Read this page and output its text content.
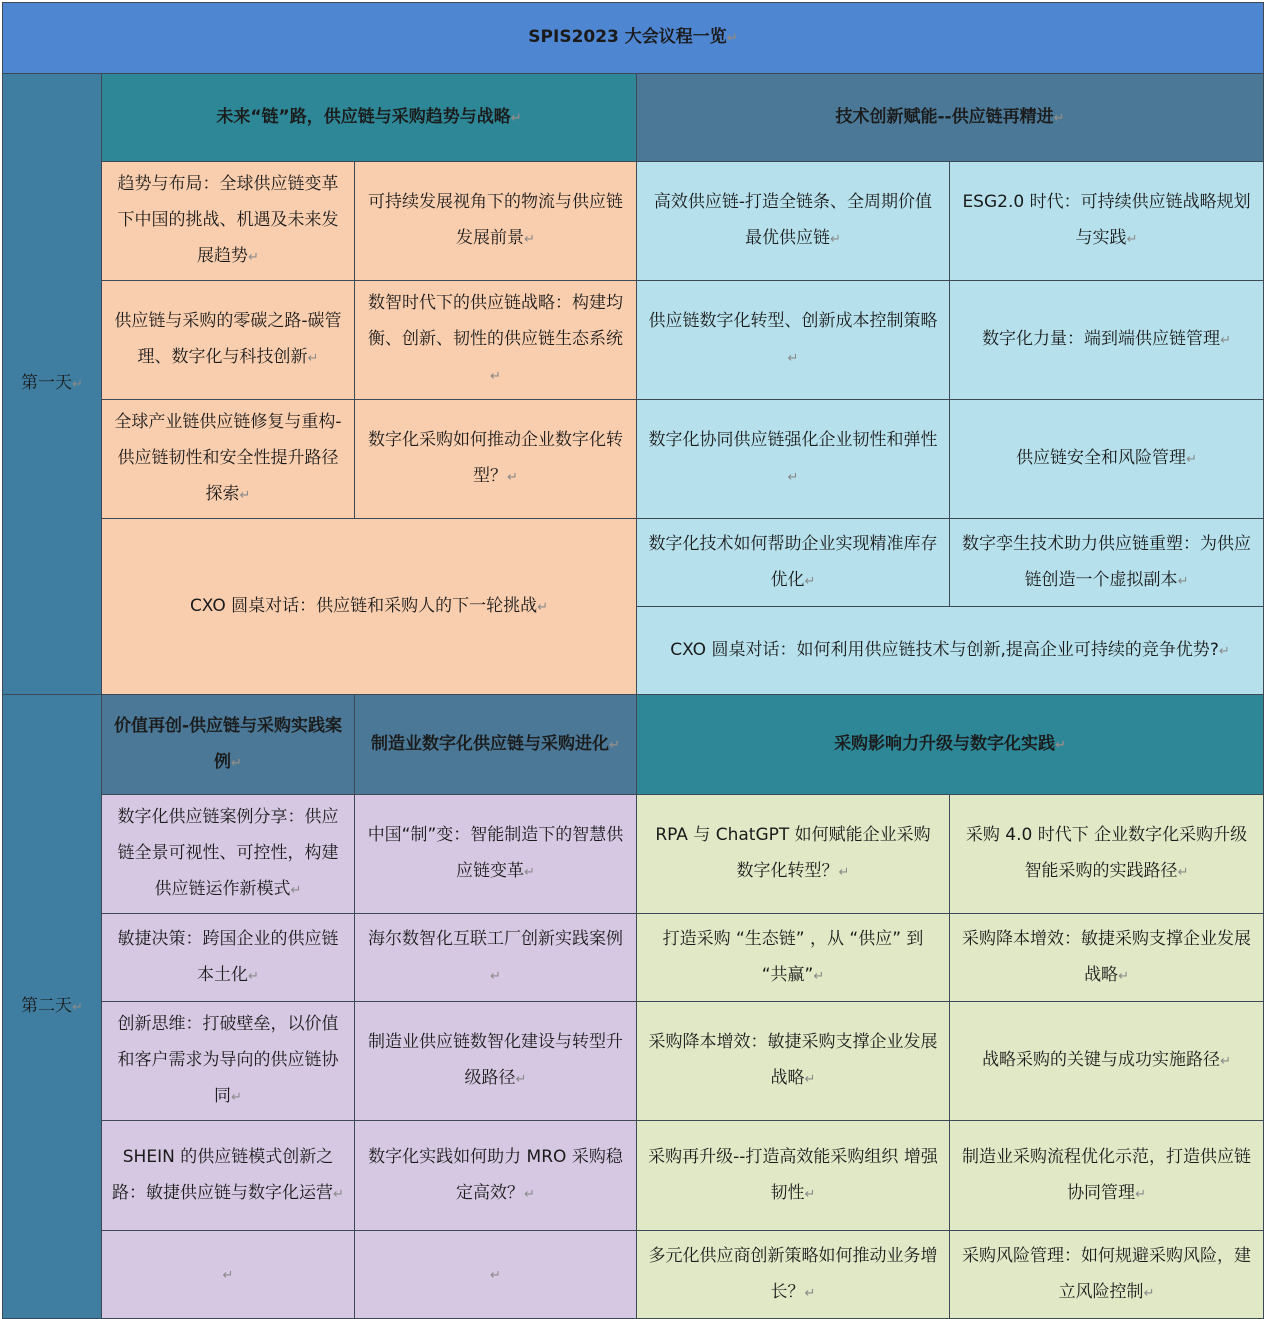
SPIS2023 大会议程一览↵				
第一天↵	未来“链”路，供应链与采购趋势与战略↵		技术创新赋能--供应链再精进↵	
	趋势与布局：全球供应链变革下中国的挑战、机遇及未来发展趋势↵	可持续发展视角下的物流与供应链发展前景↵	高效供应链-打造全链条、全周期价值最优供应链↵	ESG2.0 时代：可持续供应链战略规划与实践↵
	供应链与采购的零碳之路-碳管理、数字化与科技创新↵	数智时代下的供应链战略：构建均衡、创新、韧性的供应链生态系统↵	供应链数字化转型、创新成本控制策略↵	数字化力量：端到端供应链管理↵
	全球产业链供应链修复与重构-供应链韧性和安全性提升路径探索↵	数字化采购如何推动企业数字化转型？↵	数字化协同供应链强化企业韧性和弹性↵	供应链安全和风险管理↵
	CXO 圆桌对话：供应链和采购人的下一轮挑战↵		数字化技术如何帮助企业实现精准库存优化↵	数字孪生技术助力供应链重塑：为供应链创造一个虚拟副本↵
			CXO 圆桌对话：如何利用供应链技术与创新,提高企业可持续的竞争优势?↵	
第二天↵	价值再创-供应链与采购实践案例↵	制造业数字化供应链与采购进化↵	采购影响力升级与数字化实践↵	
	数字化供应链案例分享：供应链全景可视性、可控性，构建供应链运作新模式↵	中国“制”变：智能制造下的智慧供应链变革↵	RPA 与 ChatGPT 如何赋能企业采购数字化转型？↵	采购 4.0 时代下 企业数字化采购升级智能采购的实践路径↵
	敏捷决策：跨国企业的供应链本土化↵	海尔数智化互联工厂创新实践案例↵	打造采购 “生态链” ，从 “供应” 到 “共赢”↵	采购降本增效：敏捷采购支撑企业发展战略↵
	创新思维：打破壁垒，以价值和客户需求为导向的供应链协同↵	制造业供应链数智化建设与转型升级路径↵	采购降本增效：敏捷采购支撑企业发展战略↵	战略采购的关键与成功实施路径↵
	SHEIN 的供应链模式创新之路：敏捷供应链与数字化运营↵	数字化实践如何助力 MRO 采购稳定高效？↵	采购再升级--打造高效能采购组织 增强韧性↵	制造业采购流程优化示范，打造供应链协同管理↵
	↵	↵	多元化供应商创新策略如何推动业务增长？↵	采购风险管理：如何规避采购风险，建立风险控制↵
